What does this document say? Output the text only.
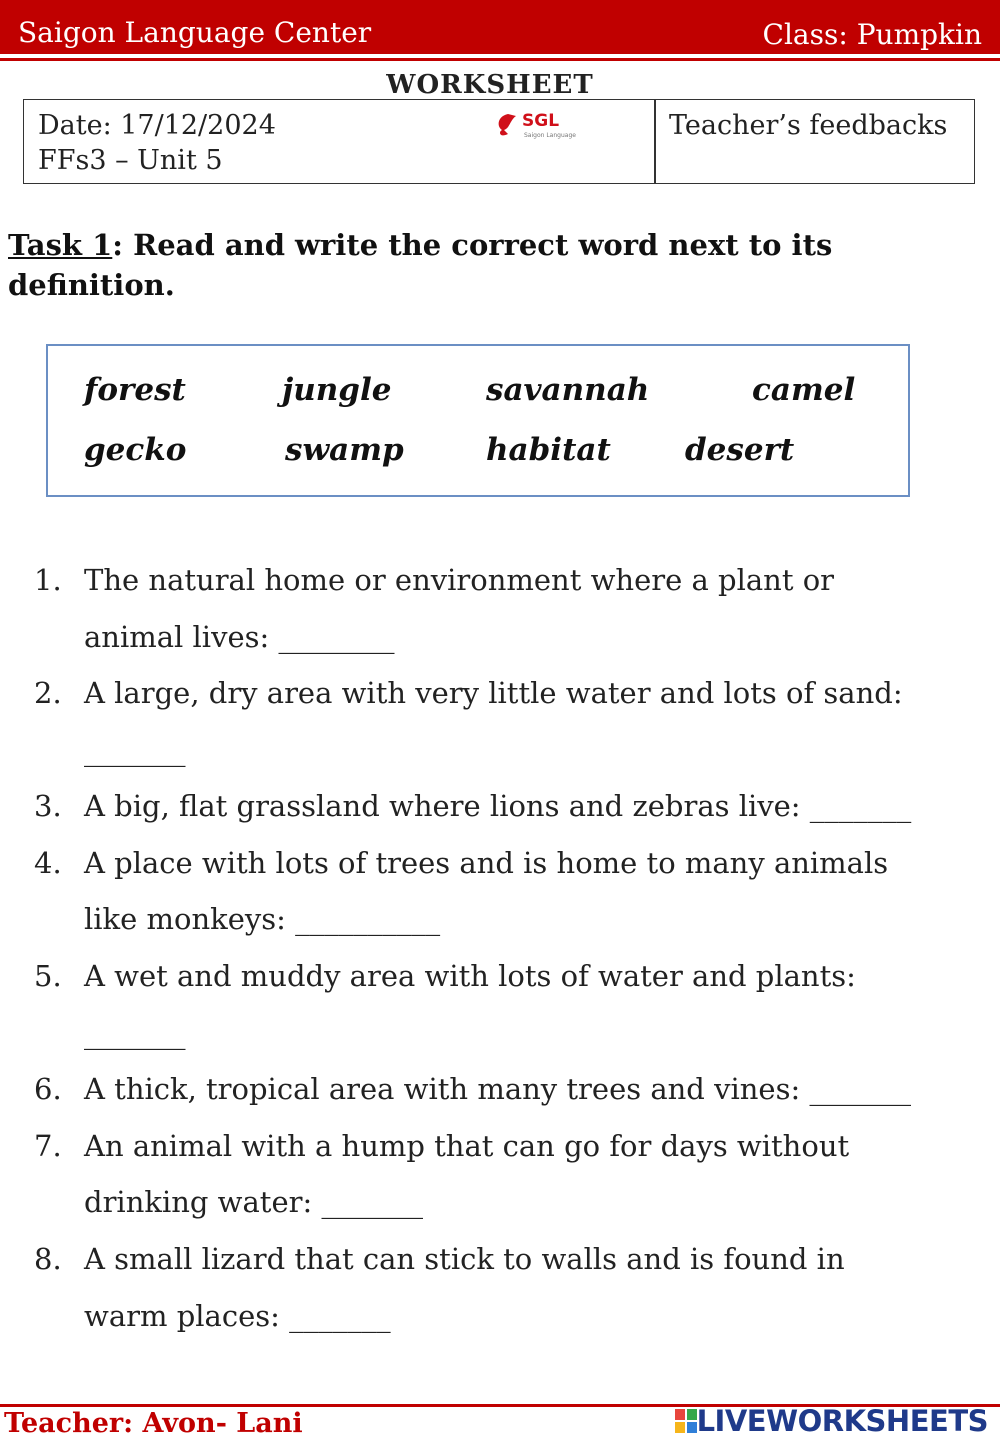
Saigon Language Center	Class: Pumpkin
WORKSHEET
Date: 17/12/2024
FFs3 – Unit 5
SGL
Saigon Language	Teacher’s feedbacks
Task 1: Read and write the correct word next to its
definition.
forest	jungle	savannah	camel
gecko	swamp	habitat desert
1. The natural home or environment where a plant or
animal lives: ________
2. A large, dry area with very little water and lots of sand:
_______
3. A big, flat grassland where lions and zebras live: _______
4. A place with lots of trees and is home to many animals
like monkeys: __________
5. A wet and muddy area with lots of water and plants:
_______
6. A thick, tropical area with many trees and vines: _______
7. An animal with a hump that can go for days without
drinking water: _______
8. A small lizard that can stick to walls and is found in
warm places: _______
Teacher: Avon- Lani	LIVEWORKSHEETS
